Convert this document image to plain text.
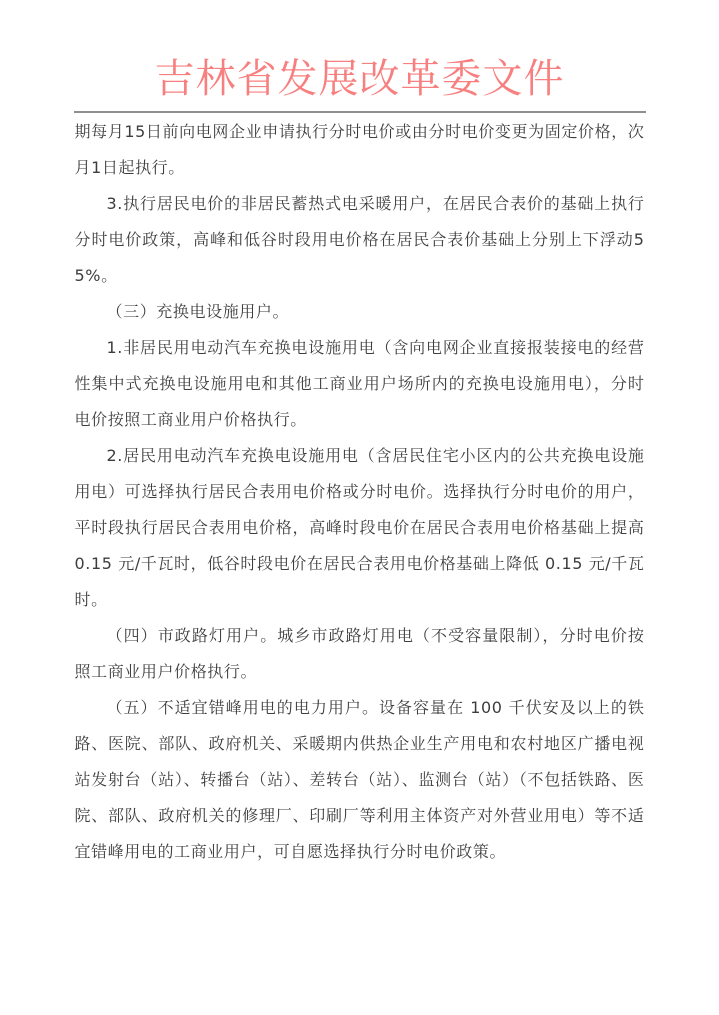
吉林省发展改革委文件

期每月15日前向电网企业申请执行分时电价或由分时电价变更为固定价格，次月1日起执行。

3.执行居民电价的非居民蓄热式电采暖用户，在居民合表价的基础上执行分时电价政策，高峰和低谷时段用电价格在居民合表价基础上分别上下浮动55%。

（三）充换电设施用户。

1.非居民用电动汽车充换电设施用电（含向电网企业直接报装接电的经营性集中式充换电设施用电和其他工商业用户场所内的充换电设施用电），分时电价按照工商业用户价格执行。

2.居民用电动汽车充换电设施用电（含居民住宅小区内的公共充换电设施用电）可选择执行居民合表用电价格或分时电价。选择执行分时电价的用户，平时段执行居民合表用电价格，高峰时段电价在居民合表用电价格基础上提高 0.15 元/千瓦时，低谷时段电价在居民合表用电价格基础上降低 0.15 元/千瓦时。

（四）市政路灯用户。城乡市政路灯用电（不受容量限制），分时电价按照工商业用户价格执行。

（五）不适宜错峰用电的电力用户。设备容量在 100 千伏安及以上的铁路、医院、部队、政府机关、采暖期内供热企业生产用电和农村地区广播电视站发射台（站）、转播台（站）、差转台（站）、监测台（站）（不包括铁路、医院、部队、政府机关的修理厂、印刷厂等利用主体资产对外营业用电）等不适宜错峰用电的工商业用户，可自愿选择执行分时电价政策。
